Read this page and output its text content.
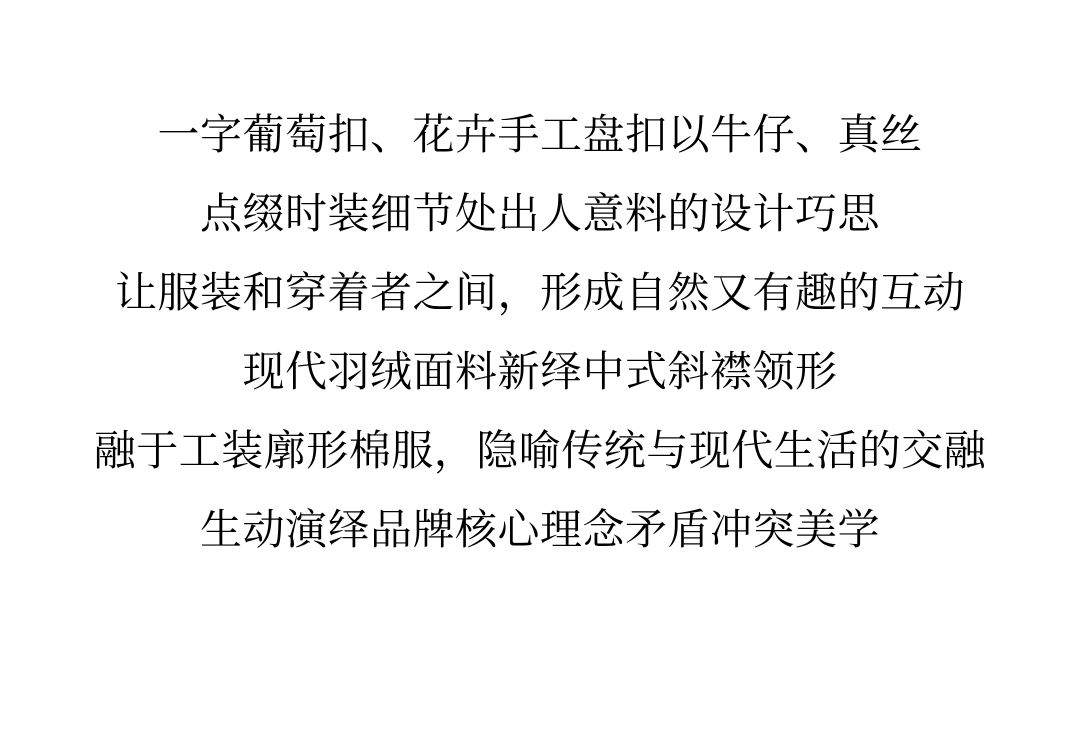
一字葡萄扣、花卉手工盘扣以牛仔、真丝

点缀时装细节处出人意料的设计巧思

让服装和穿着者之间，形成自然又有趣的互动

现代羽绒面料新绎中式斜襟领形

融于工装廓形棉服，隐喻传统与现代生活的交融

生动演绎品牌核心理念矛盾冲突美学
